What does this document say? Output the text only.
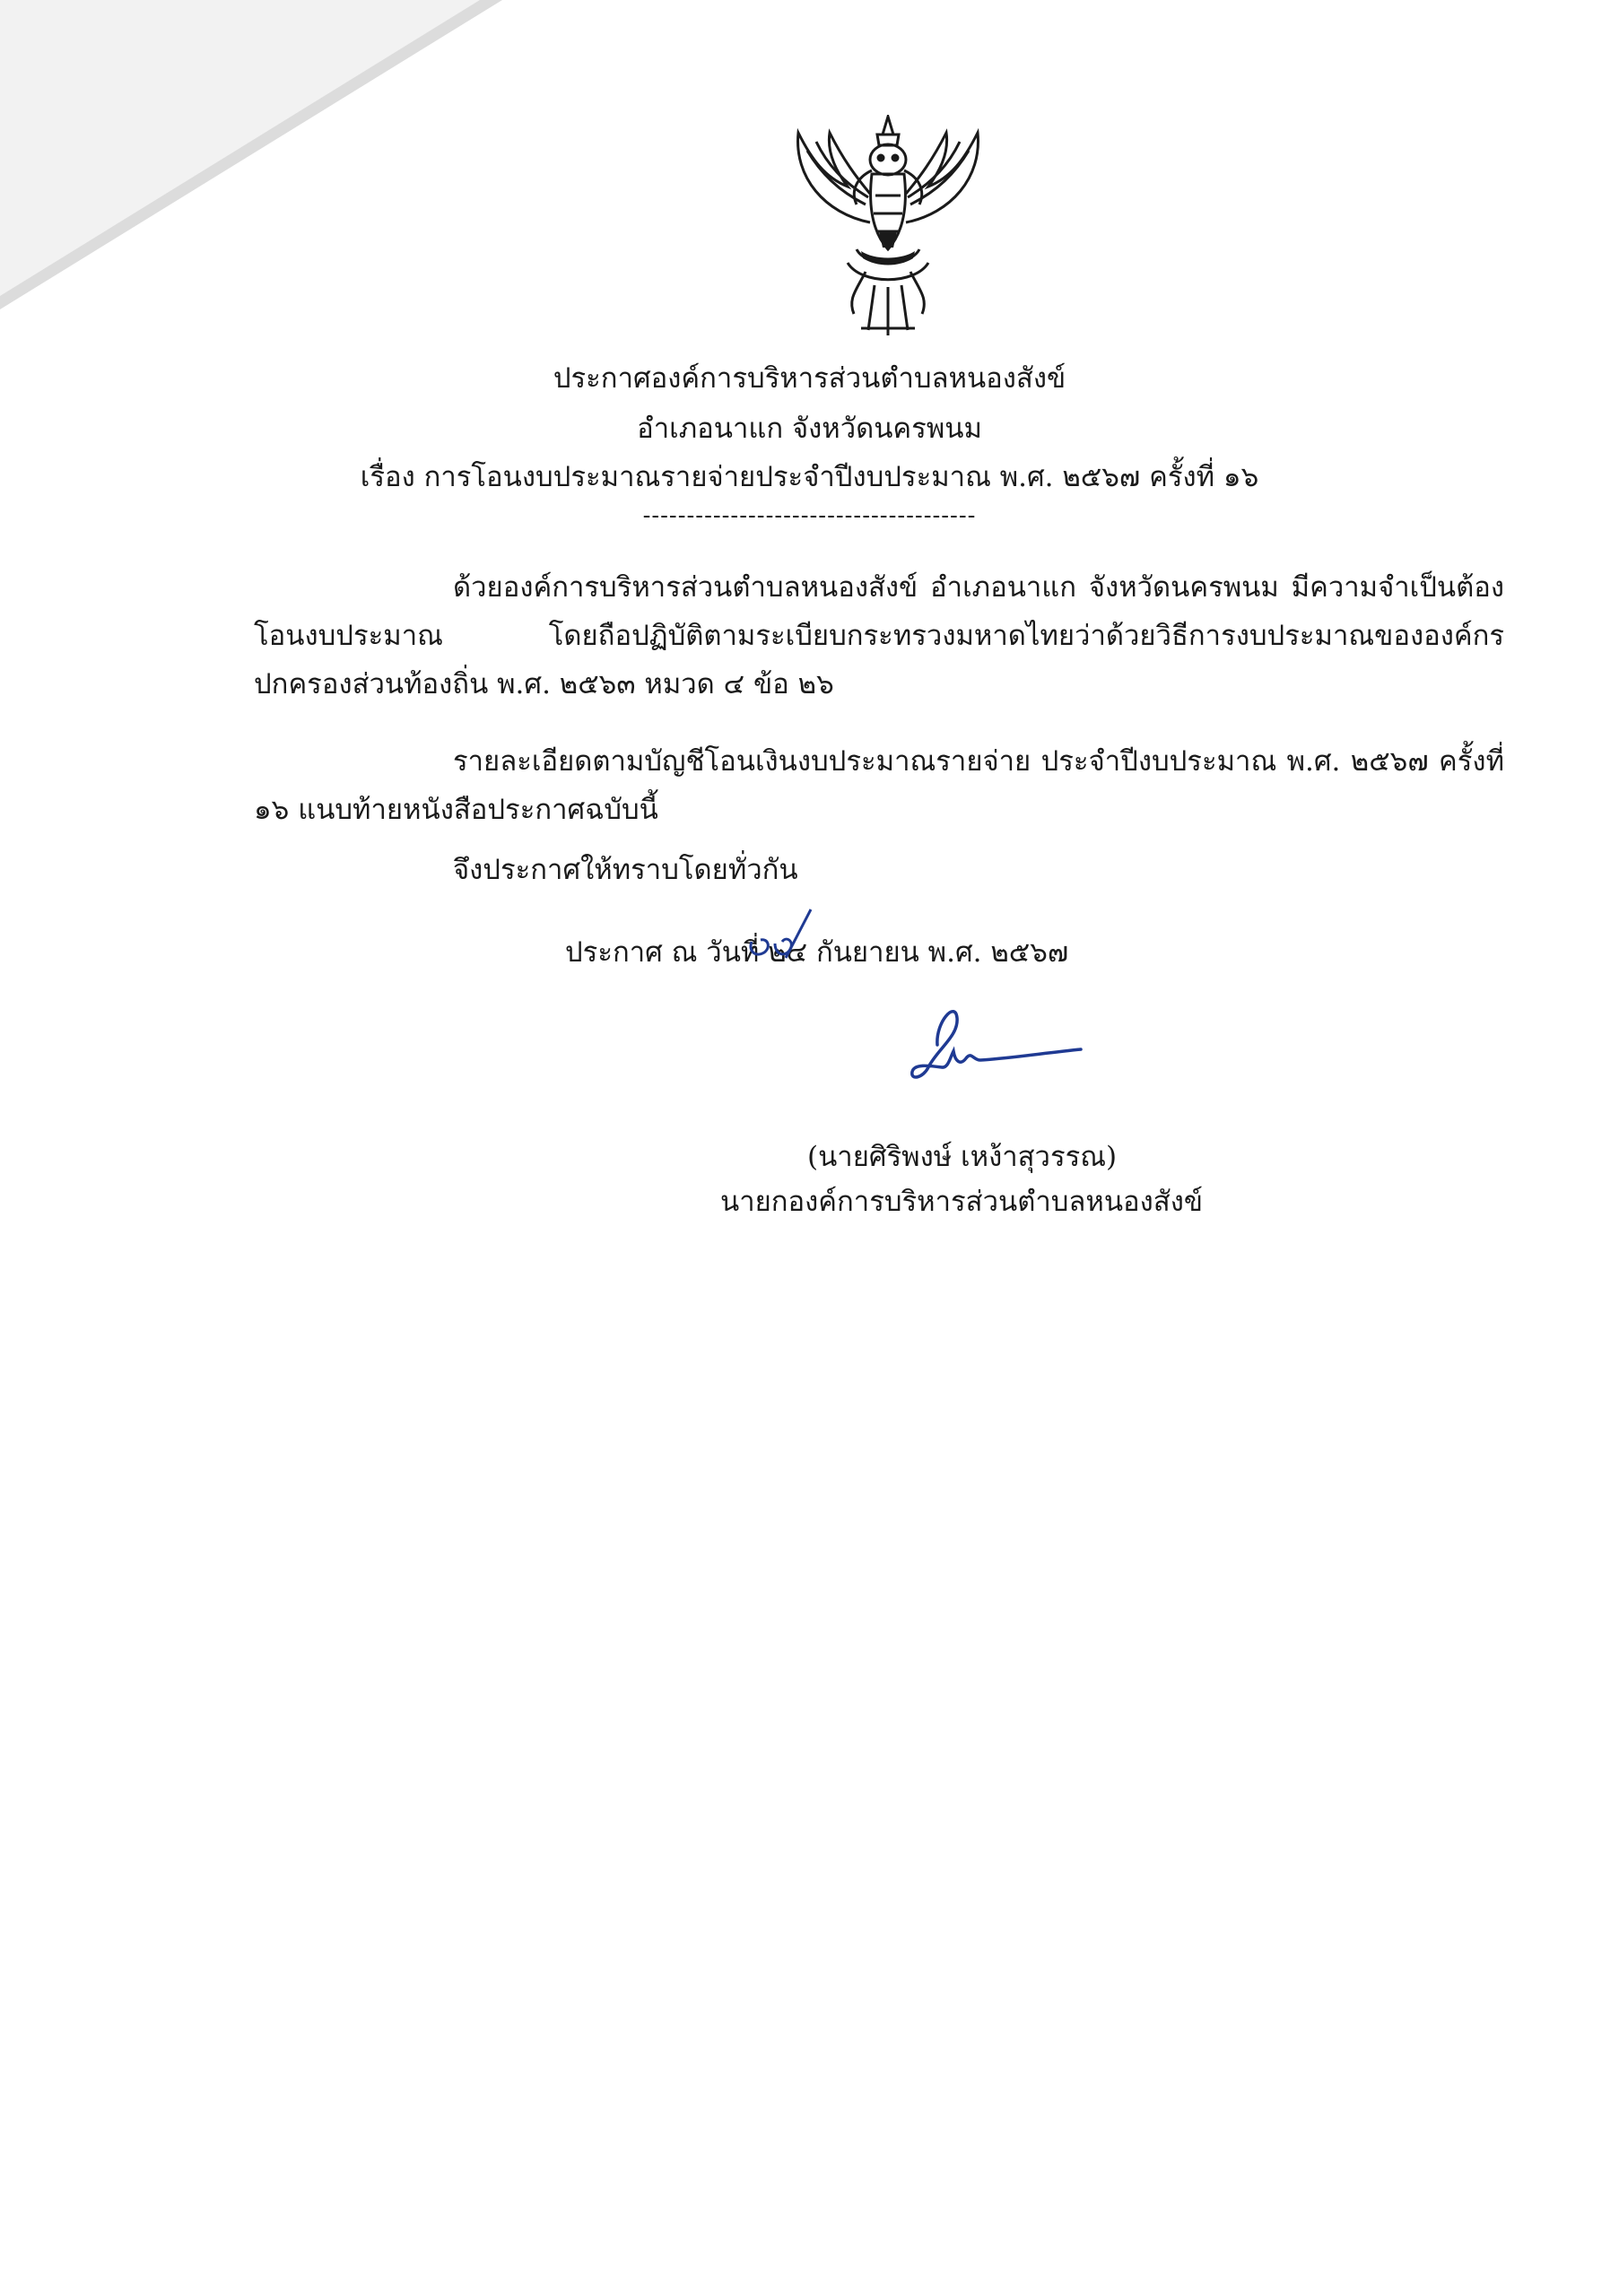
ประกาศองค์การบริหารส่วนตำบลหนองสังข์
อำเภอนาแก จังหวัดนครพนม
เรื่อง การโอนงบประมาณรายจ่ายประจำปีงบประมาณ พ.ศ. ๒๕๖๗ ครั้งที่ ๑๖
--------------------------------------
ด้วยองค์การบริหารส่วนตำบลหนองสังข์ อำเภอนาแก จังหวัดนครพนม มีความจำเป็นต้องโอนงบประมาณ โดยถือปฏิบัติตามระเบียบกระทรวงมหาดไทยว่าด้วยวิธีการงบประมาณขององค์กรปกครองส่วนท้องถิ่น พ.ศ. ๒๕๖๓ หมวด ๔ ข้อ ๒๖
รายละเอียดตามบัญชีโอนเงินงบประมาณรายจ่าย ประจำปีงบประมาณ พ.ศ. ๒๕๖๗ ครั้งที่ ๑๖ แนบท้ายหนังสือประกาศฉบับนี้
จึงประกาศให้ทราบโดยทั่วกัน
ประกาศ ณ วันที่ ๒๔ กันยายน พ.ศ. ๒๕๖๗
(นายศิริพงษ์ เหง้าสุวรรณ)
นายกองค์การบริหารส่วนตำบลหนองสังข์
